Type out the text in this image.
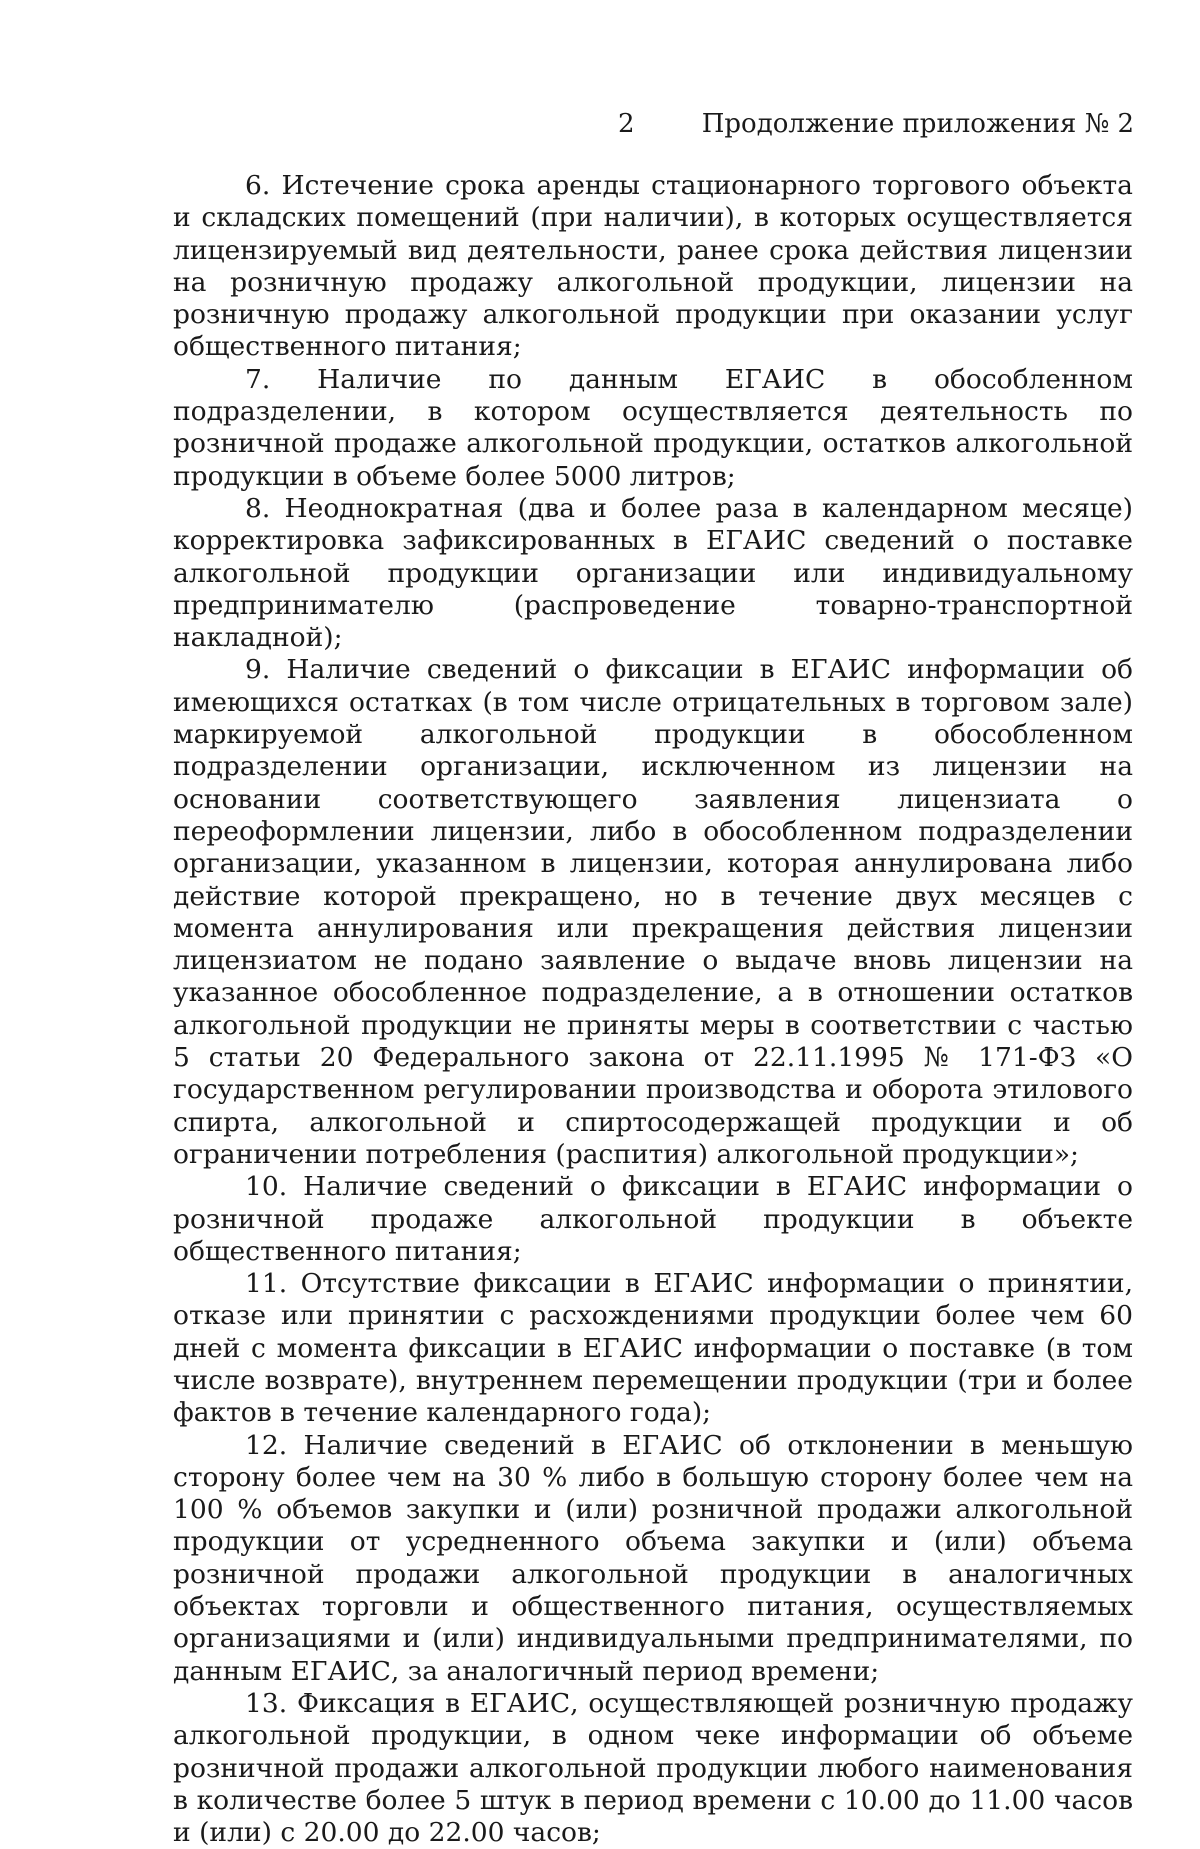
2	Продолжение приложения № 2

6. Истечение срока аренды стационарного торгового объекта и складских помещений (при наличии), в которых осуществляется лицензируемый вид деятельности, ранее срока действия лицензии на розничную продажу алкогольной продукции, лицензии на розничную продажу алкогольной продукции при оказании услуг общественного питания;

7. Наличие по данным ЕГАИС в обособленном подразделении, в котором осуществляется деятельность по розничной продаже алкогольной продукции, остатков алкогольной продукции в объеме более 5000 литров;

8. Неоднократная (два и более раза в календарном месяце) корректировка зафиксированных в ЕГАИС сведений о поставке алкогольной продукции организации или индивидуальному предпринимателю (распроведение товарно-транспортной накладной);

9. Наличие сведений о фиксации в ЕГАИС информации об имеющихся остатках (в том числе отрицательных в торговом зале) маркируемой алкогольной продукции в обособленном подразделении организации, исключенном из лицензии на основании соответствующего заявления лицензиата о переоформлении лицензии, либо в обособленном подразделении организации, указанном в лицензии, которая аннулирована либо действие которой прекращено, но в течение двух месяцев с момента аннулирования или прекращения действия лицензии лицензиатом не подано заявление о выдаче вновь лицензии на указанное обособленное подразделение, а в отношении остатков алкогольной продукции не приняты меры в соответствии с частью 5 статьи 20 Федерального закона от 22.11.1995 № 171-ФЗ «О государственном регулировании производства и оборота этилового спирта, алкогольной и спиртосодержащей продукции и об ограничении потребления (распития) алкогольной продукции»;

10. Наличие сведений о фиксации в ЕГАИС информации о розничной продаже алкогольной продукции в объекте общественного питания;

11. Отсутствие фиксации в ЕГАИС информации о принятии, отказе или принятии с расхождениями продукции более чем 60 дней с момента фиксации в ЕГАИС информации о поставке (в том числе возврате), внутреннем перемещении продукции (три и более фактов в течение календарного года);

12. Наличие сведений в ЕГАИС об отклонении в меньшую сторону более чем на 30 % либо в большую сторону более чем на 100 % объемов закупки и (или) розничной продажи алкогольной продукции от усредненного объема закупки и (или) объема розничной продажи алкогольной продукции в аналогичных объектах торговли и общественного питания, осуществляемых организациями и (или) индивидуальными предпринимателями, по данным ЕГАИС, за аналогичный период времени;

13. Фиксация в ЕГАИС, осуществляющей розничную продажу алкогольной продукции, в одном чеке информации об объеме розничной продажи алкогольной продукции любого наименования в количестве более 5 штук в период времени с 10.00 до 11.00 часов и (или) с 20.00 до 22.00 часов;
